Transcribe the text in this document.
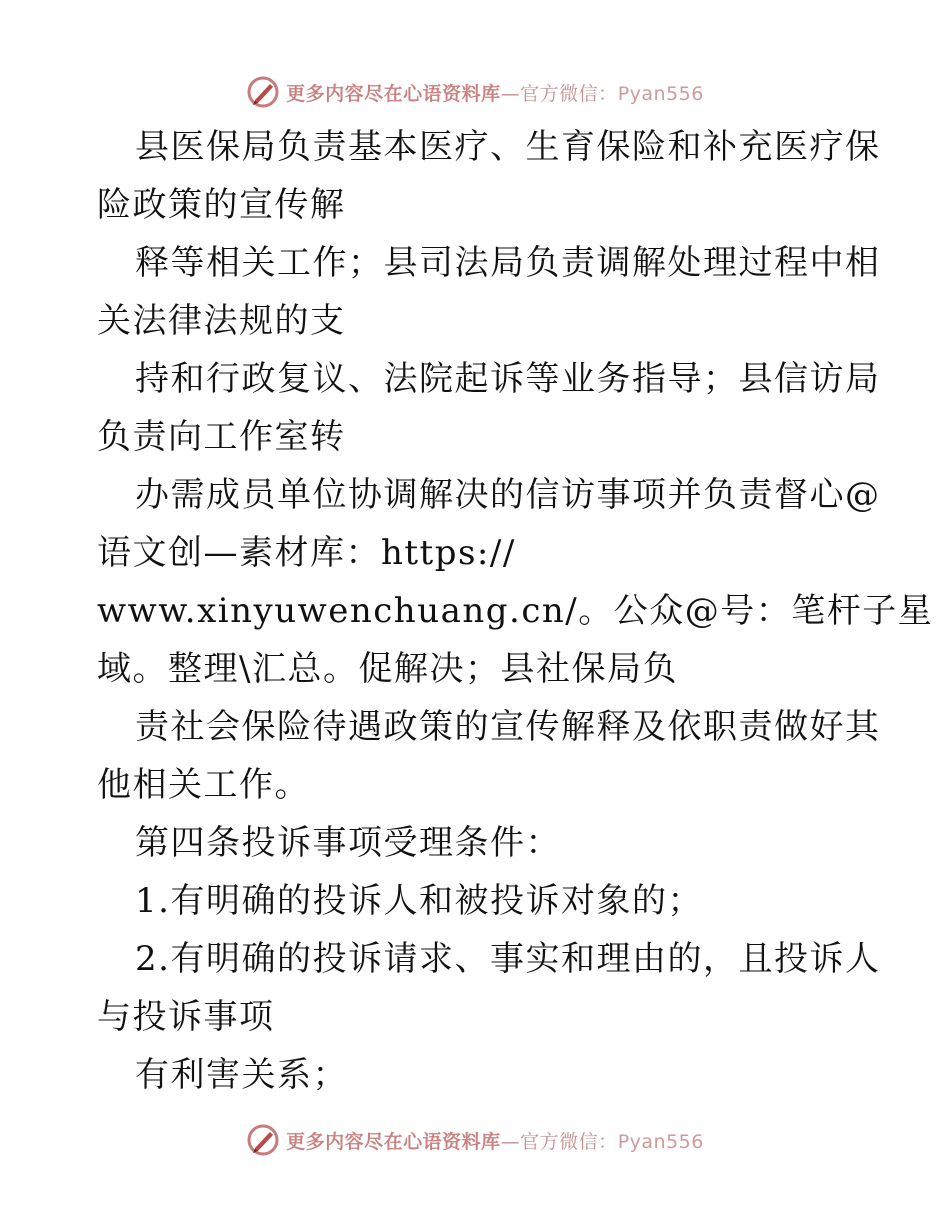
更多内容尽在心语资料库—官方微信：Pyan556
县医保局负责基本医疗、生育保险和补充医疗保
险政策的宣传解
释等相关工作；县司法局负责调解处理过程中相
关法律法规的支
持和行政复议、法院起诉等业务指导；县信访局
负责向工作室转
办需成员单位协调解决的信访事项并负责督心@
语文创—素材库：https://
www.xinyuwenchuang.cn/。公众@号：笔杆子星
域。整理\汇总。促解决；县社保局负
责社会保险待遇政策的宣传解释及依职责做好其
他相关工作。
第四条投诉事项受理条件：
1.有明确的投诉人和被投诉对象的；
2.有明确的投诉请求、事实和理由的，且投诉人
与投诉事项
有利害关系；
更多内容尽在心语资料库—官方微信：Pyan556
